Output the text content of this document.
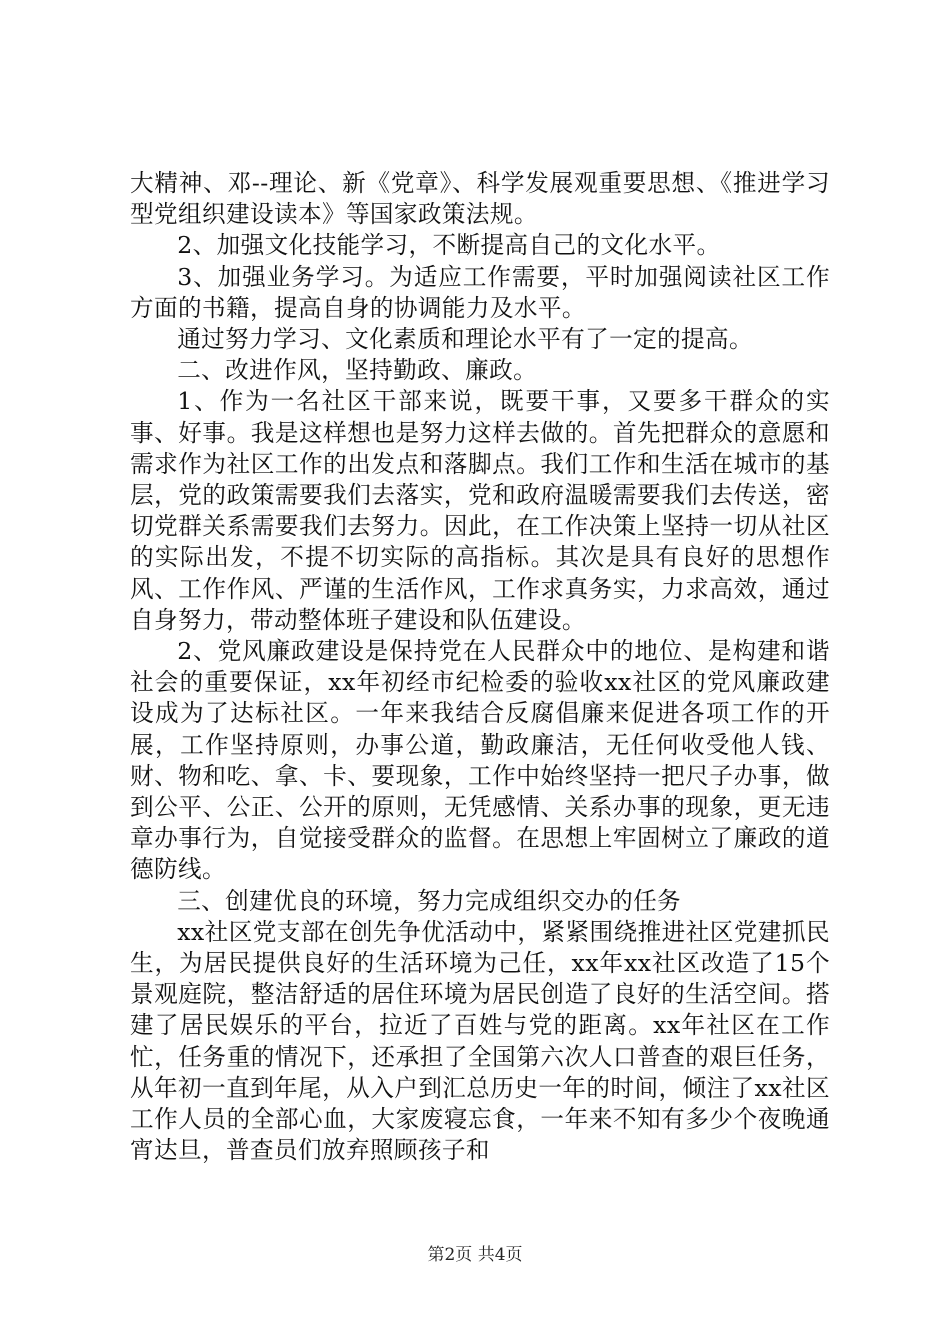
大精神、邓--理论、新《党章》、科学发展观重要思想、《推进学习型党组织建设读本》等国家政策法规。

2、加强文化技能学习，不断提高自己的文化水平。

3、加强业务学习。为适应工作需要，平时加强阅读社区工作方面的书籍，提高自身的协调能力及水平。

通过努力学习、文化素质和理论水平有了一定的提高。

二、改进作风，坚持勤政、廉政。

1、作为一名社区干部来说，既要干事，又要多干群众的实事、好事。我是这样想也是努力这样去做的。首先把群众的意愿和需求作为社区工作的出发点和落脚点。我们工作和生活在城市的基层，党的政策需要我们去落实，党和政府温暖需要我们去传送，密切党群关系需要我们去努力。因此，在工作决策上坚持一切从社区的实际出发，不提不切实际的高指标。其次是具有良好的思想作风、工作作风、严谨的生活作风，工作求真务实，力求高效，通过自身努力，带动整体班子建设和队伍建设。

2、党风廉政建设是保持党在人民群众中的地位、是构建和谐社会的重要保证，xx年初经市纪检委的验收xx社区的党风廉政建设成为了达标社区。一年来我结合反腐倡廉来促进各项工作的开展，工作坚持原则，办事公道，勤政廉洁，无任何收受他人钱、财、物和吃、拿、卡、要现象，工作中始终坚持一把尺子办事，做到公平、公正、公开的原则，无凭感情、关系办事的现象，更无违章办事行为，自觉接受群众的监督。在思想上牢固树立了廉政的道德防线。

三、创建优良的环境，努力完成组织交办的任务

xx社区党支部在创先争优活动中，紧紧围绕推进社区党建抓民生，为居民提供良好的生活环境为己任，xx年xx社区改造了15个景观庭院，整洁舒适的居住环境为居民创造了良好的生活空间。搭建了居民娱乐的平台，拉近了百姓与党的距离。xx年社区在工作忙，任务重的情况下，还承担了全国第六次人口普查的艰巨任务，从年初一直到年尾，从入户到汇总历史一年的时间，倾注了xx社区工作人员的全部心血，大家废寝忘食，一年来不知有多少个夜晚通宵达旦，普查员们放弃照顾孩子和

第2页 共4页
